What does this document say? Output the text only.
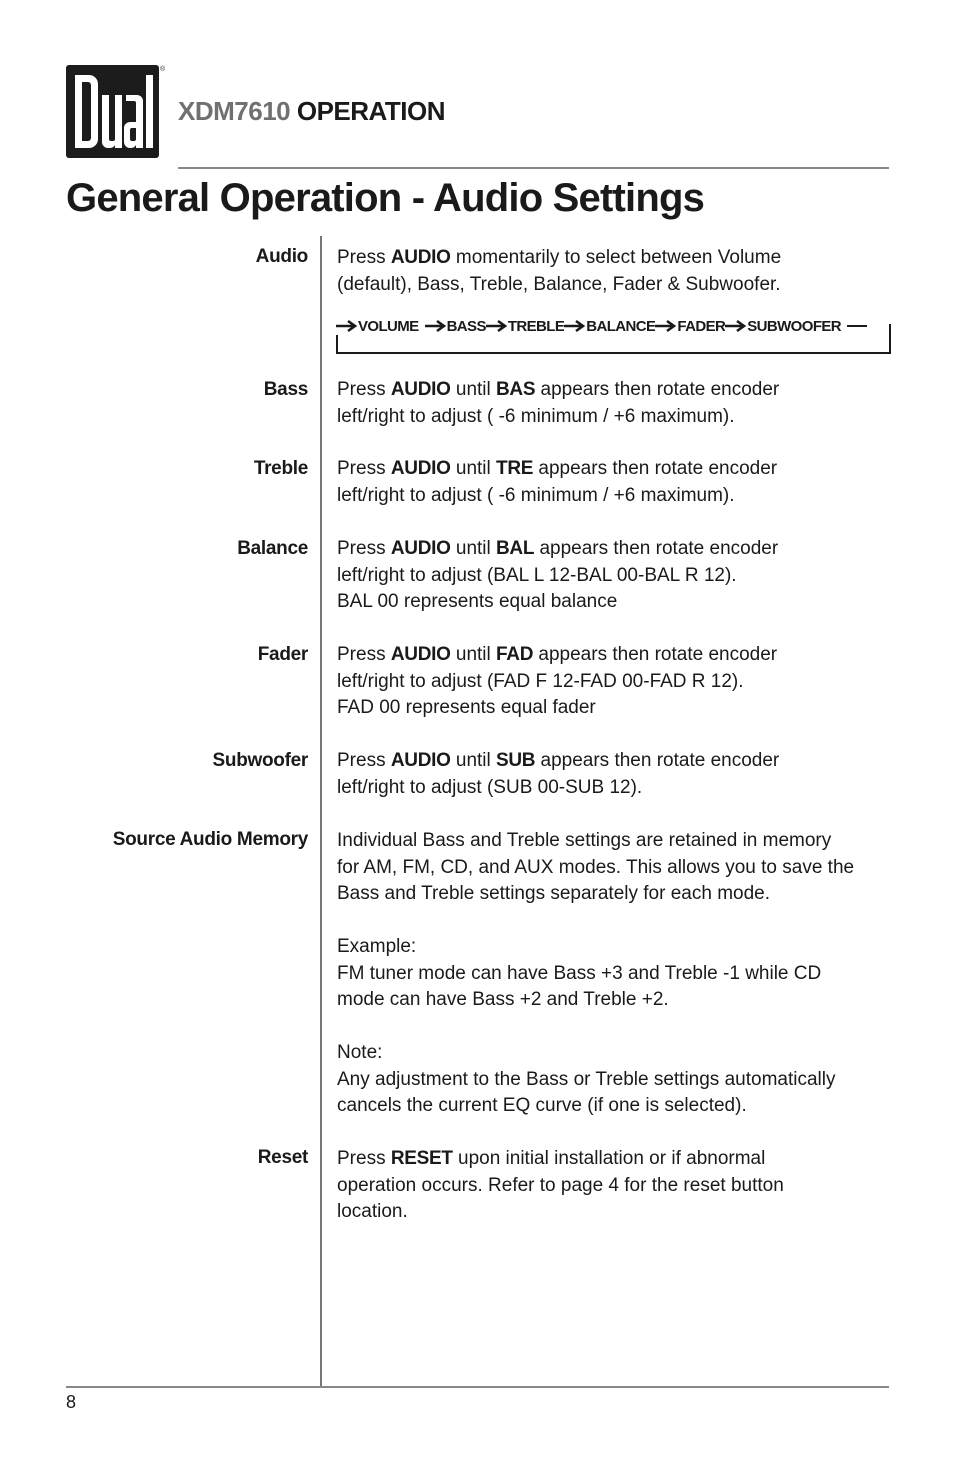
®
XDM7610 OPERATION
General Operation - Audio Settings
Audio Press AUDIO momentarily to select between Volume
(default), Bass, Treble, Balance, Fader & Subwoofer.
VOLUME BASS TREBLE BALANCE FADER SUBWOOFER
Bass Press AUDIO until BAS appears then rotate encoder
left/right to adjust ( -6 minimum / +6 maximum).
Treble Press AUDIO until TRE appears then rotate encoder
left/right to adjust ( -6 minimum / +6 maximum).
Balance Press AUDIO until BAL appears then rotate encoder
left/right to adjust (BAL L 12-BAL 00-BAL R 12).
BAL 00 represents equal balance
Fader Press AUDIO until FAD appears then rotate encoder
left/right to adjust (FAD F 12-FAD 00-FAD R 12).
FAD 00 represents equal fader
Subwoofer Press AUDIO until SUB appears then rotate encoder
left/right to adjust (SUB 00-SUB 12).
Source Audio Memory Individual Bass and Treble settings are retained in memory
for AM, FM, CD, and AUX modes. This allows you to save the
Bass and Treble settings separately for each mode.
Example:
FM tuner mode can have Bass +3 and Treble -1 while CD
mode can have Bass +2 and Treble +2.
Note:
Any adjustment to the Bass or Treble settings automatically
cancels the current EQ curve (if one is selected).
Reset Press RESET upon initial installation or if abnormal
operation occurs. Refer to page 4 for the reset button
location.
8
